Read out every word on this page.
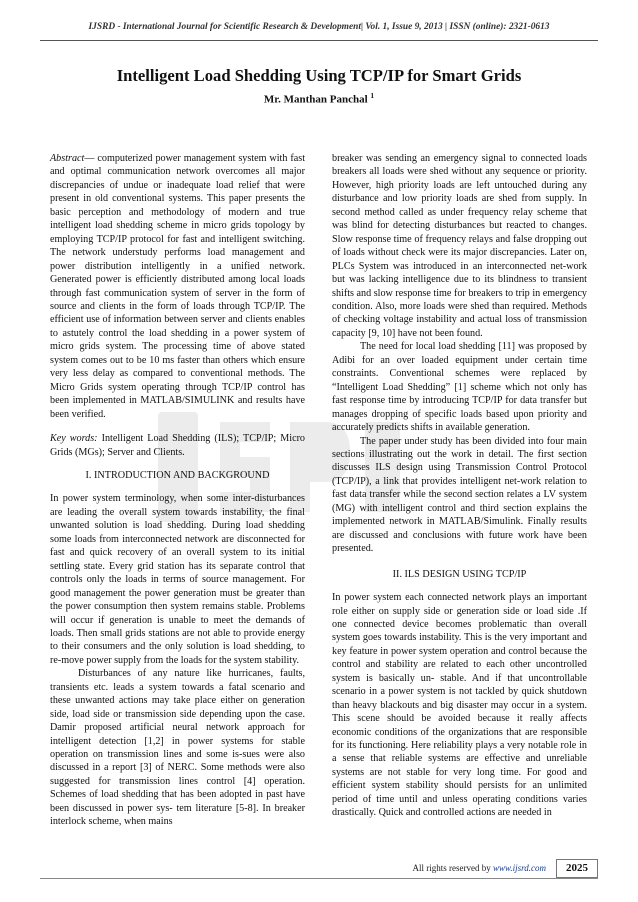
IJSRD - International Journal for Scientific Research & Development| Vol. 1, Issue 9, 2013 | ISSN (online): 2321-0613
Intelligent Load Shedding Using TCP/IP for Smart Grids
Mr. Manthan Panchal $^1$

Abstract— computerized power management system with fast and optimal communication network overcomes all major discrepancies of undue or inadequate load relief that were present in old conventional systems. This paper presents the basic perception and methodology of modern and true intelligent load shedding scheme in micro grids topology by employing TCP/IP protocol for fast and intelligent switching. The network understudy performs load management and power distribution intelligently in a unified network. Generated power is efficiently distributed among local loads through fast communication system of server in the form of source and clients in the form of loads through TCP/IP. The efficient use of information between server and clients enables to astutely control the load shedding in a power system of micro grids system. The processing time of above stated system comes out to be 10 ms faster than others which ensure very less delay as compared to conventional methods. The Micro Grids system operating through TCP/IP control has been implemented in MATLAB/SIMULINK and results have been verified.

Key words: Intelligent Load Shedding (ILS); TCP/IP; Micro Grids (MGs); Server and Clients.

I. INTRODUCTION AND BACKGROUND

In power system terminology, when some inter-disturbances are leading the overall system towards instability, the final unwanted solution is load shedding. During load shedding some loads from interconnected network are disconnected for fast and quick recovery of an overall system to its initial settling state. Every grid station has its separate control that controls only the loads in terms of source management. For good management the power generation must be greater than the power consumption then system remains stable. Problems will occur if generation is unable to meet the demands of loads. Then small grids stations are not able to provide energy to their consumers and the only solution is load shedding, to re-move power supply from the loads for the system stability.

Disturbances of any nature like hurricanes, faults, transients etc. leads a system towards a fatal scenario and these unwanted actions may take place either on generation side, load side or transmission side depending upon the case. Damir proposed artificial neural network approach for intelligent detection [1,2] in power systems for stable operation on transmission lines and some is-sues were also discussed in a report [3] of NERC. Some methods were also suggested for transmission lines control [4] operation. Schemes of load shedding that has been adopted in past have been discussed in power sys- tem literature [5-8]. In breaker interlock scheme, when mains

breaker was sending an emergency signal to connected loads breakers all loads were shed without any sequence or priority. However, high priority loads are left untouched during any disturbance and low priority loads are shed from supply. In second method called as under frequency relay scheme that was blind for detecting disturbances but reacted to changes. Slow response time of frequency relays and false dropping out of loads without check were its major discrepancies. Later on, PLCs System was introduced in an interconnected net-work but was lacking intelligence due to its blindness to transient shifts and slow response time for breakers to trip in emergency condition. Also, more loads were shed than required. Methods of checking voltage instability and actual loss of transmission capacity [9, 10] have not been found.

The need for local load shedding [11] was proposed by Adibi for an over loaded equipment under certain time constraints. Conventional schemes were replaced by “Intelligent Load Shedding” [1] scheme which not only has fast response time by introducing TCP/IP for data transfer but manages dropping of specific loads based upon priority and accurately predicts shifts in available generation.

The paper under study has been divided into four main sections illustrating out the work in detail. The first section discusses ILS design using Transmission Control Protocol (TCP/IP), a link that provides intelligent net-work relation to fast data transfer while the second section relates a LV system (MG) with intelligent control and third section explains the implemented network in MATLAB/Simulink. Finally results are discussed and conclusions with future work have been presented.

II. ILS DESIGN USING TCP/IP

In power system each connected network plays an important role either on supply side or generation side or load side .If one connected device becomes problematic than overall system goes towards instability. This is the very important and key feature in power system operation and control because the control and stability are related to each other uncontrolled system is basically un- stable. And if that uncontrollable scenario in a power system is not tackled by quick shutdown than heavy blackouts and big disaster may occur in a system. This scene should be avoided because it really affects economic conditions of the organizations that are responsible for its functioning. Here reliability plays a very notable role in a sense that reliable systems are effective and unreliable systems are not stable for very long time. For good and efficient system stability should persists for an unlimited period of time until and unless operating conditions varies drastically. Quick and controlled actions are needed in

All rights reserved by www.ijsrd.com	2025
